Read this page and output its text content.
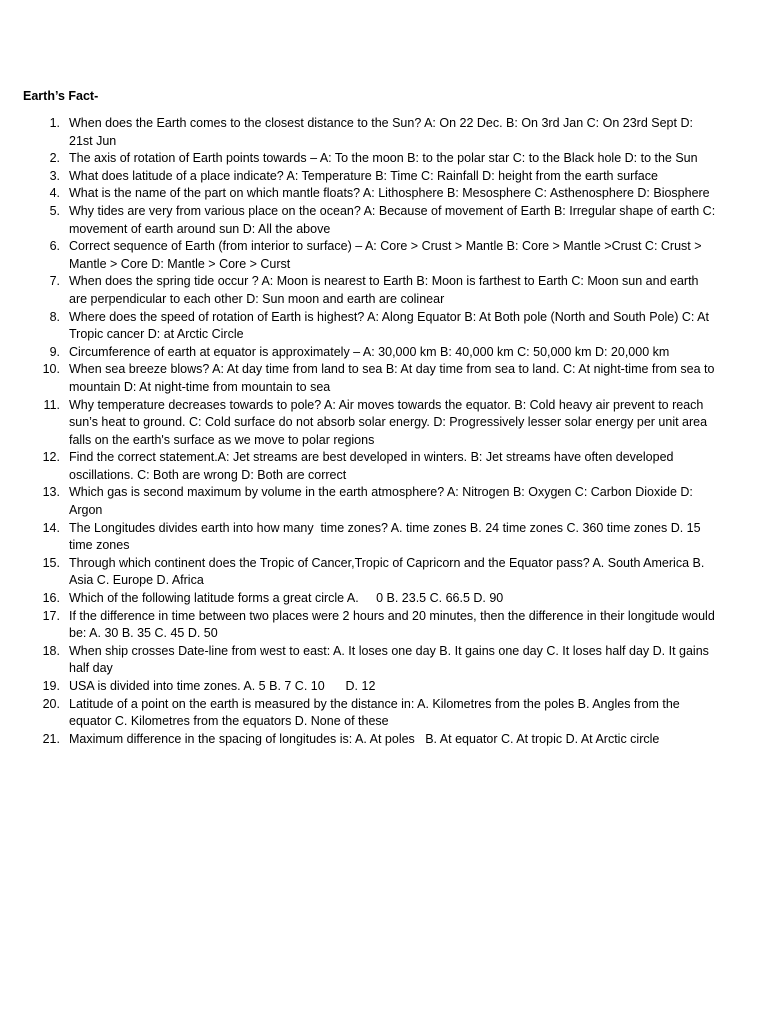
Earth’s Fact-
1. When does the Earth comes to the closest distance to the Sun? A: On 22 Dec. B: On 3rd Jan C: On 23rd Sept D: 21st Jun
2. The axis of rotation of Earth points towards – A: To the moon B: to the polar star C: to the Black hole D: to the Sun
3. What does latitude of a place indicate? A: Temperature B: Time C: Rainfall D: height from the earth surface
4. What is the name of the part on which mantle floats? A: Lithosphere B: Mesosphere C: Asthenosphere D: Biosphere
5. Why tides are very from various place on the ocean? A: Because of movement of Earth B: Irregular shape of earth C: movement of earth around sun D: All the above
6. Correct sequence of Earth (from interior to surface) – A: Core > Crust > Mantle B: Core > Mantle >Crust C: Crust > Mantle > Core D: Mantle > Core > Curst
7. When does the spring tide occur ? A: Moon is nearest to Earth B: Moon is farthest to Earth C: Moon sun and earth are perpendicular to each other D: Sun moon and earth are colinear
8. Where does the speed of rotation of Earth is highest? A: Along Equator B: At Both pole (North and South Pole) C: At Tropic cancer D: at Arctic Circle
9. Circumference of earth at equator is approximately – A: 30,000 km B: 40,000 km C: 50,000 km D: 20,000 km
10. When sea breeze blows? A: At day time from land to sea B: At day time from sea to land. C: At night-time from sea to mountain D: At night-time from mountain to sea
11. Why temperature decreases towards to pole? A: Air moves towards the equator. B: Cold heavy air prevent to reach sun’s heat to ground. C: Cold surface do not absorb solar energy. D: Progressively lesser solar energy per unit area falls on the earth's surface as we move to polar regions
12. Find the correct statement.A: Jet streams are best developed in winters. B: Jet streams have often developed oscillations. C: Both are wrong D: Both are correct
13. Which gas is second maximum by volume in the earth atmosphere? A: Nitrogen B: Oxygen C: Carbon Dioxide D: Argon
14. The Longitudes divides earth into how many  time zones? A. time zones B. 24 time zones C. 360 time zones D. 15 time zones
15. Through which continent does the Tropic of Cancer,Tropic of Capricorn and the Equator pass? A. South America B. Asia C. Europe D. Africa
16. Which of the following latitude forms a great circle A.     0 B. 23.5 C. 66.5 D. 90
17. If the difference in time between two places were 2 hours and 20 minutes, then the difference in their longitude would be: A. 30 B. 35 C. 45 D. 50
18. When ship crosses Date-line from west to east: A. It loses one day B. It gains one day C. It loses half day D. It gains half day
19. USA is divided into time zones. A. 5 B. 7 C. 10      D. 12
20. Latitude of a point on the earth is measured by the distance in: A. Kilometres from the poles B. Angles from the equator C. Kilometres from the equators D. None of these
21. Maximum difference in the spacing of longitudes is: A. At poles   B. At equator C. At tropic D. At Arctic circle
